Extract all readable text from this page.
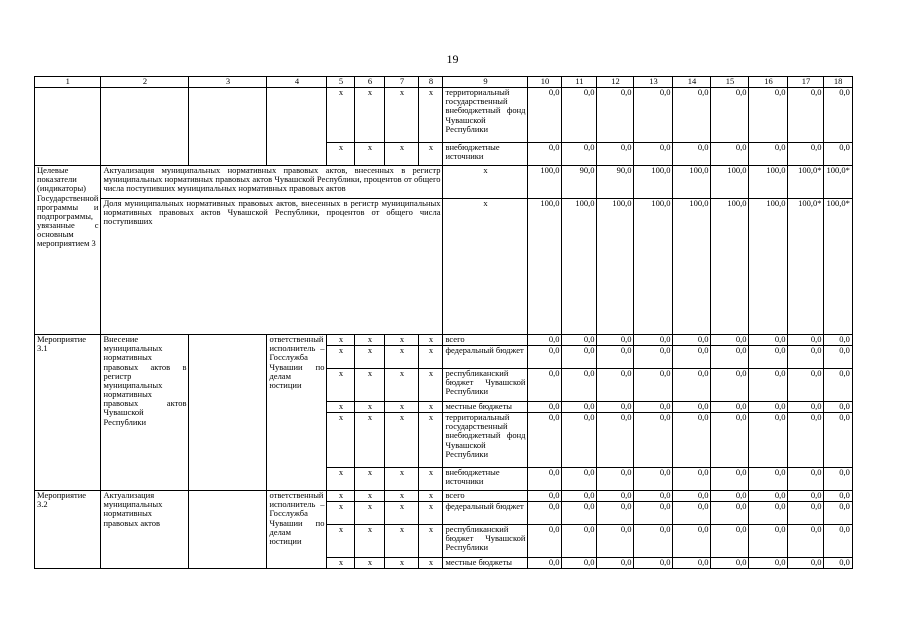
19
1	2	3	4	5	6	7	8	9	10	11	12	13	14	15	16	17	18
				x	x	x	x	территориальный государственный внебюджетный фонд Чувашской Республики	0,0	0,0	0,0	0,0	0,0	0,0	0,0	0,0	0,0
				x	x	x	x	внебюджетные источники	0,0	0,0	0,0	0,0	0,0	0,0	0,0	0,0	0,0
Целевые показатели (индикаторы) Государственной программы и подпрограммы, увязанные с основным мероприятием 3	Актуализация муниципальных нормативных правовых актов, внесенных в регистр муниципальных нормативных правовых актов Чувашской Республики, процентов от общего числа поступивших муниципальных нормативных правовых актов							x	100,0	90,0	90,0	100,0	100,0	100,0	100,0	100,0*	100,0*
	Доля муниципальных нормативных правовых актов, внесенных в регистр муниципальных нормативных правовых актов Чувашской Республики, процентов от общего числа поступивших							x	100,0	100,0	100,0	100,0	100,0	100,0	100,0	100,0*	100,0*
Мероприятие 3.1	Внесение муниципальных нормативных правовых актов в регистр муниципальных нормативных правовых актов Чувашской Республики		ответственный исполнитель – Госслужба Чувашии по делам юстиции	x	x	x	x	всего	0,0	0,0	0,0	0,0	0,0	0,0	0,0	0,0	0,0
				x	x	x	x	федеральный бюджет	0,0	0,0	0,0	0,0	0,0	0,0	0,0	0,0	0,0
				x	x	x	x	республиканский бюджет Чувашской Республики	0,0	0,0	0,0	0,0	0,0	0,0	0,0	0,0	0,0
				x	x	x	x	местные бюджеты	0,0	0,0	0,0	0,0	0,0	0,0	0,0	0,0	0,0
				x	x	x	x	территориальный государственный внебюджетный фонд Чувашской Республики	0,0	0,0	0,0	0,0	0,0	0,0	0,0	0,0	0,0
				x	x	x	x	внебюджетные источники	0,0	0,0	0,0	0,0	0,0	0,0	0,0	0,0	0,0
Мероприятие 3.2	Актуализация муниципальных нормативных правовых актов		ответственный исполнитель – Госслужба Чувашии по делам юстиции	x	x	x	x	всего	0,0	0,0	0,0	0,0	0,0	0,0	0,0	0,0	0,0
				x	x	x	x	федеральный бюджет	0,0	0,0	0,0	0,0	0,0	0,0	0,0	0,0	0,0
				x	x	x	x	республиканский бюджет Чувашской Республики	0,0	0,0	0,0	0,0	0,0	0,0	0,0	0,0	0,0
				x	x	x	x	местные бюджеты	0,0	0,0	0,0	0,0	0,0	0,0	0,0	0,0	0,0
